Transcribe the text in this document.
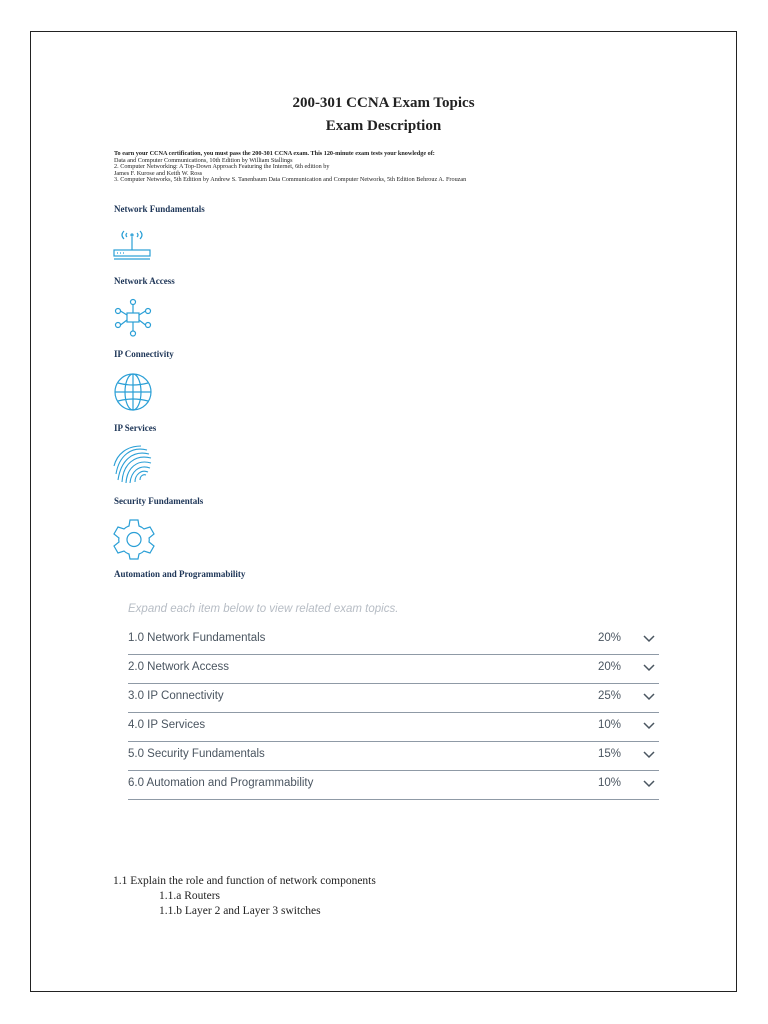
200-301 CCNA Exam Topics
Exam Description
To earn your CCNA certification, you must pass the 200-301 CCNA exam. This 120-minute exam tests your knowledge of:
Data and Computer Communications, 10th Edition by William Stallings
2. Computer Networking: A Top-Down Approach Featuring the Internet, 6th edition by
James F. Kurose and Keith W. Ross
3. Computer Networks, 5th Edition by Andrew S. Tanenbaum Data Communication and Computer Networks, 5th Edition Behrouz A. Frouzan
Network Fundamentals
Network Access
IP Connectivity
IP Services
Security Fundamentals
Automation and Programmability
Expand each item below to view related exam topics.
1.0 Network Fundamentals	20%
2.0 Network Access	20%
3.0 IP Connectivity	25%
4.0 IP Services	10%
5.0 Security Fundamentals	15%
6.0 Automation and Programmability	10%
1.1 Explain the role and function of network components
1.1.a Routers
1.1.b Layer 2 and Layer 3 switches
